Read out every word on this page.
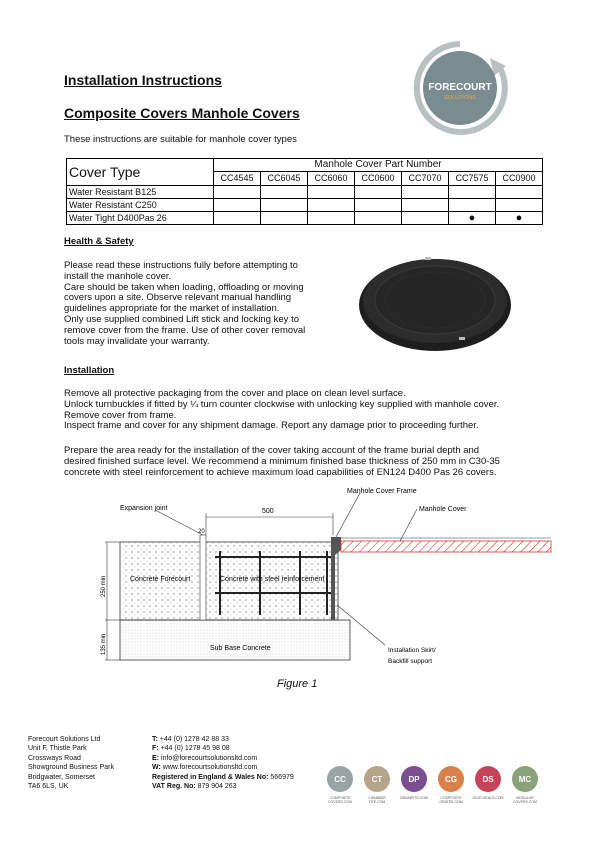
FORECOURT
SOLUTIONS
Installation Instructions
Composite Covers Manhole Covers
These instructions are suitable for manhole cover types
Cover Type	Manhole Cover Part Number						
	CC4545	CC6045	CC6060	CC0600	CC7070	CC7575	CC0900
Water Resistant B125							
Water Resistant C250							
Water Tight D400Pas 26						●	●
Health & Safety
Please read these instructions fully before attempting to
install the manhole cover.
Care should be taken when loading, offloading or moving
covers upon a site. Observe relevant manual handling
guidelines appropriate for the market of installation.
Only use supplied combined Lift stick and locking key to
remove cover from the frame. Use of other cover removal
tools may invalidate your warranty.
Installation
Remove all protective packaging from the cover and place on clean level surface.
Unlock turnbuckles if fitted by ¼ turn counter clockwise with unlocking key supplied with manhole cover.
Remove cover from frame.
Inspect frame and cover for any shipment damage. Report any damage prior to proceeding further.
Prepare the area ready for the installation of the cover taking account of the frame burial depth and
desired finished surface level. We recommend a minimum finished base thickness of 250 mm in C30-35
concrete with steel reinforcement to achieve maximum load capabilities of EN124 D400 Pas 26 covers.
Manhole Cover Frame
Manhole Cover
Expansion joint	500
20
250 min
135 min
Concrete Forecourt	Concrete with steel reinforcement
Sub Base Concrete	Installation Skirt/
Backfill support
Figure 1
Forecourt Solutions Ltd
Unit F, Thistle Park
Crossways Road
Showground Business Park
Bridgwater, Somerset
TA6 6LS, UK
T: +44 (0) 1278 42 88 33
F: +44 (0) 1278 45 98 08
E: info@forecourtsolutionsltd.com
W: www.forecourtsolutionsltd.com
Registered in England & Wales No: 566979
VAT Reg. No: 879 904 263
CC
COMPOSITE COVERS.COM
CT
CHAMBER TITE.COM
DP
DRAINPITS.COM
CG
COMPOSITE GRATES.COM
DS
DUST-SEALS.COM
MC
MODULAR COVERS.COM
